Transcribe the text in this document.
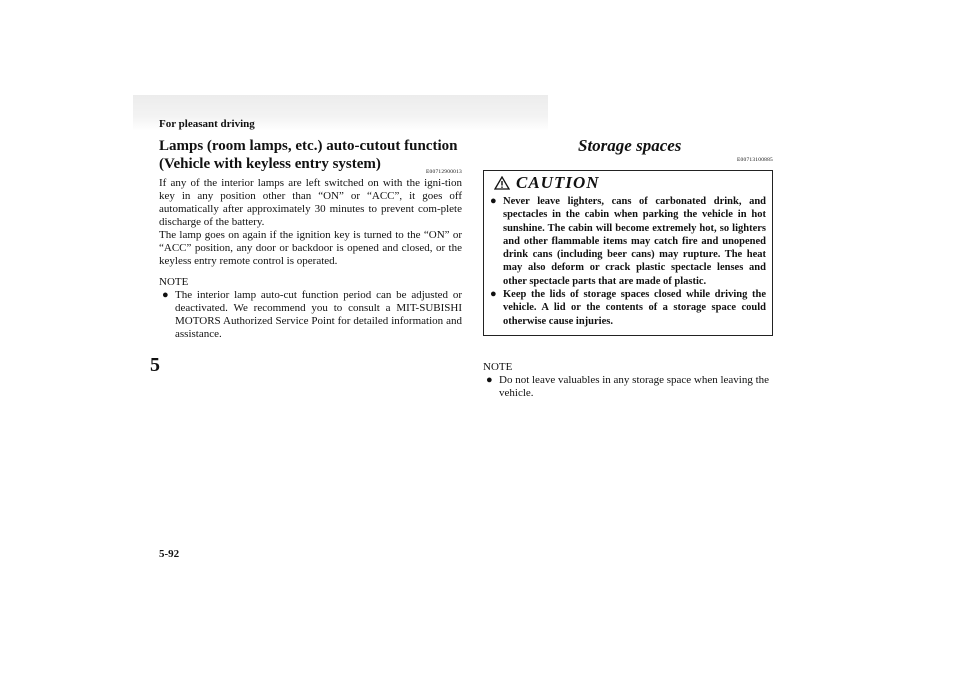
For pleasant driving
5
5-92

Lamps (room lamps, etc.) auto-cutout function (Vehicle with keyless entry system)	E00712900013

If any of the interior lamps are left switched on with the igni-tion key in any position other than “ON” or “ACC”, it goes off automatically after approximately 30 minutes to prevent com-plete discharge of the battery.

The lamp goes on again if the ignition key is turned to the “ON” or “ACC” position, any door or backdoor is opened and closed, or the keyless entry remote control is operated.

NOTE
● The interior lamp auto-cut function period can be adjusted or deactivated. We recommend you to consult a MIT-SUBISHI MOTORS Authorized Service Point for detailed information and assistance.

Storage spaces

E00713100885
CAUTION
● Never leave lighters, cans of carbonated drink, and spectacles in the cabin when parking the vehicle in hot sunshine. The cabin will become extremely hot, so lighters and other flammable items may catch fire and unopened drink cans (including beer cans) may rupture. The heat may also deform or crack plastic spectacle lenses and other spectacle parts that are made of plastic.
● Keep the lids of storage spaces closed while driving the vehicle. A lid or the contents of a storage space could otherwise cause injuries.
NOTE
● Do not leave valuables in any storage space when leaving the vehicle.
